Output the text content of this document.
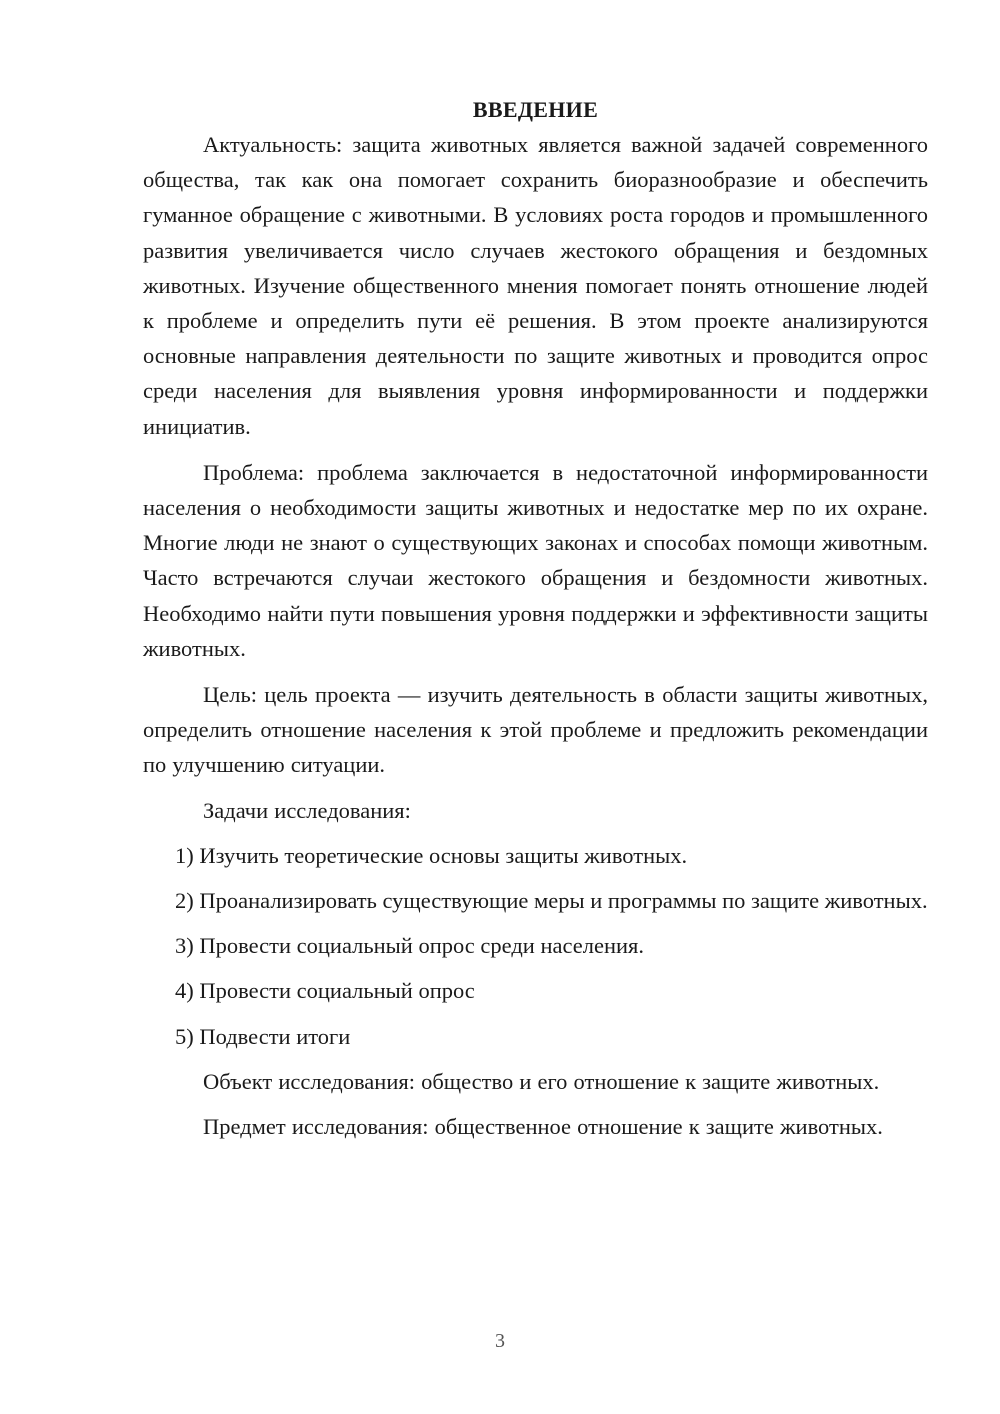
ВВЕДЕНИЕ

Актуальность: защита животных является важной задачей современного общества, так как она помогает сохранить биоразнообразие и обеспечить гуманное обращение с животными. В условиях роста городов и промышленного развития увеличивается число случаев жестокого обращения и бездомных животных. Изучение общественного мнения помогает понять отношение людей к проблеме и определить пути её решения. В этом проекте анализируются основные направления деятельности по защите животных и проводится опрос среди населения для выявления уровня информированности и поддержки инициатив.

Проблема: проблема заключается в недостаточной информированности населения о необходимости защиты животных и недостатке мер по их охране. Многие люди не знают о существующих законах и способах помощи животным. Часто встречаются случаи жестокого обращения и бездомности животных. Необходимо найти пути повышения уровня поддержки и эффективности защиты животных.

Цель: цель проекта — изучить деятельность в области защиты животных, определить отношение населения к этой проблеме и предложить рекомендации по улучшению ситуации.

Задачи исследования:

1) Изучить теоретические основы защиты животных.

2) Проанализировать существующие меры и программы по защите животных.

3) Провести социальный опрос среди населения.

4) Провести социальный опрос

5) Подвести итоги

Объект исследования: общество и его отношение к защите животных.

Предмет исследования: общественное отношение к защите животных.

3
